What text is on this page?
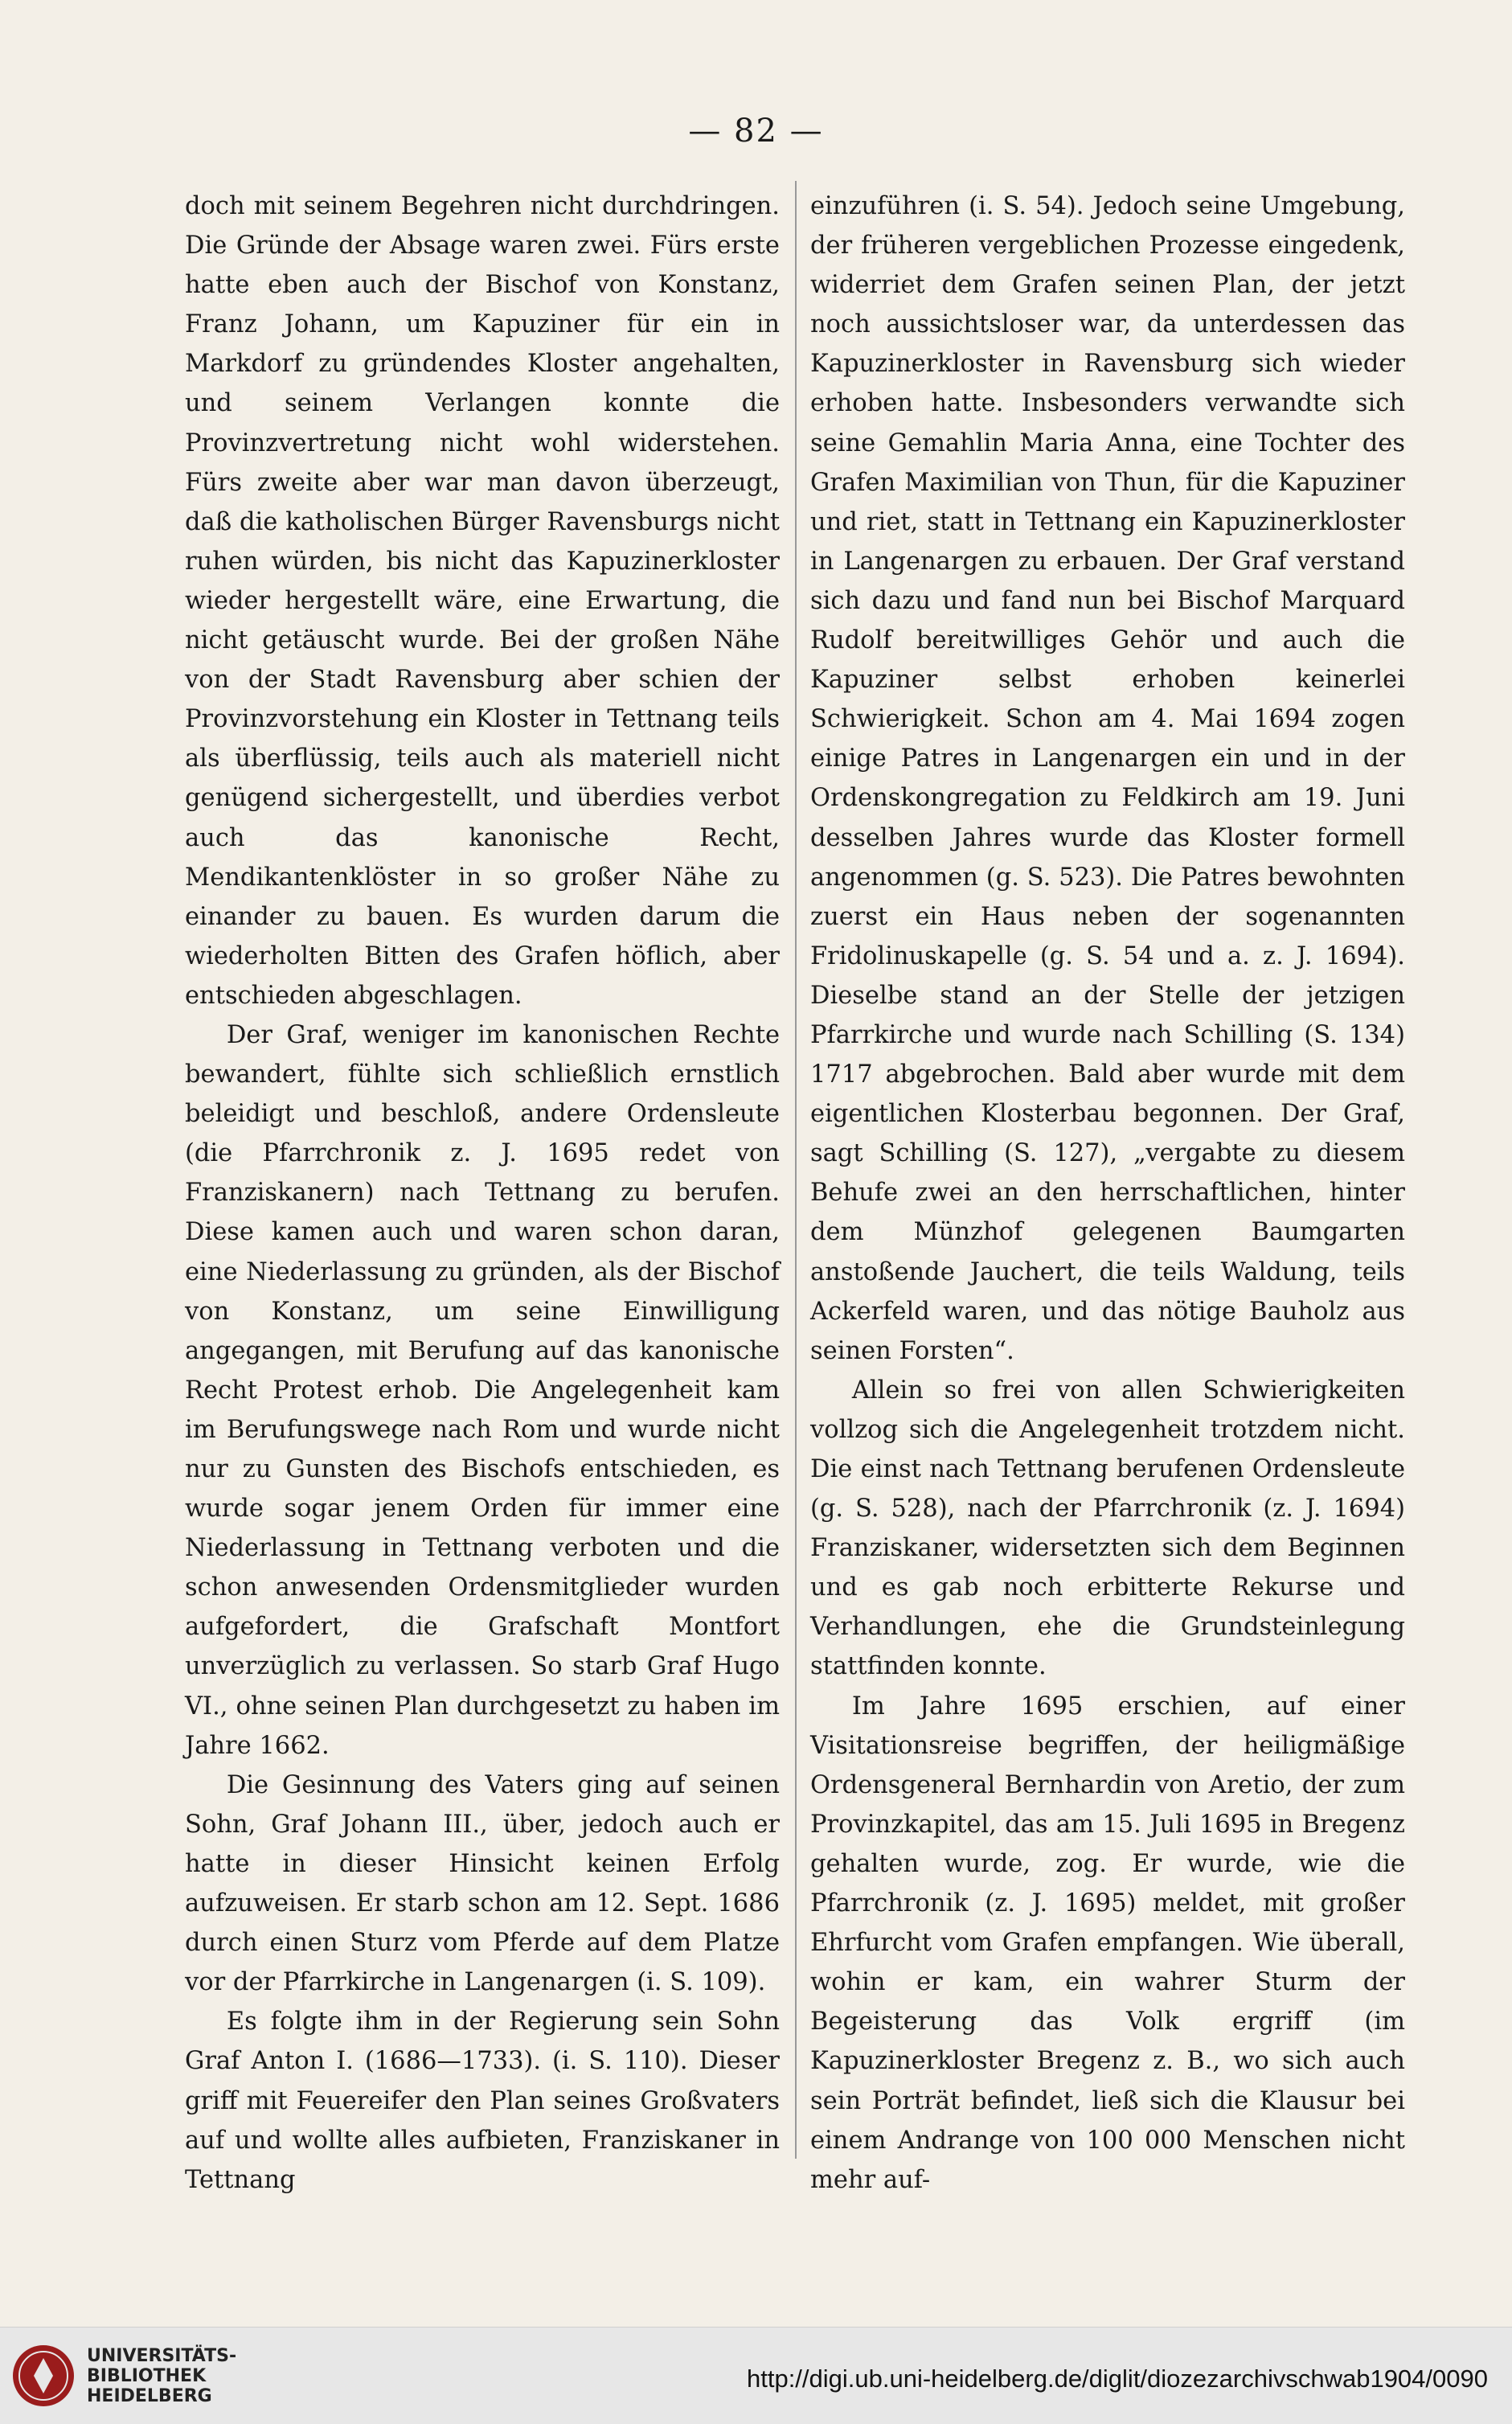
— 82 —

doch mit seinem Begehren nicht durchdringen. Die Gründe der Absage waren zwei. Fürs erste hatte eben auch der Bischof von Konstanz, Franz Johann, um Kapuziner für ein in Markdorf zu gründendes Kloster angehalten, und seinem Verlangen konnte die Provinzvertretung nicht wohl widerstehen. Fürs zweite aber war man davon überzeugt, daß die katholischen Bürger Ravensburgs nicht ruhen würden, bis nicht das Kapuzinerkloster wieder hergestellt wäre, eine Erwartung, die nicht getäuscht wurde. Bei der großen Nähe von der Stadt Ravensburg aber schien der Provinzvorstehung ein Kloster in Tettnang teils als überflüssig, teils auch als materiell nicht genügend sichergestellt, und überdies verbot auch das kanonische Recht, Mendikantenklöster in so großer Nähe zu einander zu bauen. Es wurden darum die wiederholten Bitten des Grafen höflich, aber entschieden abgeschlagen.

Der Graf, weniger im kanonischen Rechte bewandert, fühlte sich schließlich ernstlich beleidigt und beschloß, andere Ordensleute (die Pfarrchronik z. J. 1695 redet von Franziskanern) nach Tettnang zu berufen. Diese kamen auch und waren schon daran, eine Niederlassung zu gründen, als der Bischof von Konstanz, um seine Einwilligung angegangen, mit Berufung auf das kanonische Recht Protest erhob. Die Angelegenheit kam im Berufungswege nach Rom und wurde nicht nur zu Gunsten des Bischofs entschieden, es wurde sogar jenem Orden für immer eine Niederlassung in Tettnang verboten und die schon anwesenden Ordensmitglieder wurden aufgefordert, die Grafschaft Montfort unverzüglich zu verlassen. So starb Graf Hugo VI., ohne seinen Plan durchgesetzt zu haben im Jahre 1662.

Die Gesinnung des Vaters ging auf seinen Sohn, Graf Johann III., über, jedoch auch er hatte in dieser Hinsicht keinen Erfolg aufzuweisen. Er starb schon am 12. Sept. 1686 durch einen Sturz vom Pferde auf dem Platze vor der Pfarrkirche in Langenargen (i. S. 109).

Es folgte ihm in der Regierung sein Sohn Graf Anton I. (1686—1733). (i. S. 110). Dieser griff mit Feuereifer den Plan seines Großvaters auf und wollte alles aufbieten, Franziskaner in Tettnang

einzuführen (i. S. 54). Jedoch seine Umgebung, der früheren vergeblichen Prozesse eingedenk, widerriet dem Grafen seinen Plan, der jetzt noch aussichtsloser war, da unterdessen das Kapuzinerkloster in Ravensburg sich wieder erhoben hatte. Insbesonders verwandte sich seine Gemahlin Maria Anna, eine Tochter des Grafen Maximilian von Thun, für die Kapuziner und riet, statt in Tettnang ein Kapuzinerkloster in Langenargen zu erbauen. Der Graf verstand sich dazu und fand nun bei Bischof Marquard Rudolf bereitwilliges Gehör und auch die Kapuziner selbst erhoben keinerlei Schwierigkeit. Schon am 4. Mai 1694 zogen einige Patres in Langenargen ein und in der Ordenskongregation zu Feldkirch am 19. Juni desselben Jahres wurde das Kloster formell angenommen (g. S. 523). Die Patres bewohnten zuerst ein Haus neben der sogenannten Fridolinuskapelle (g. S. 54 und a. z. J. 1694). Dieselbe stand an der Stelle der jetzigen Pfarrkirche und wurde nach Schilling (S. 134) 1717 abgebrochen. Bald aber wurde mit dem eigentlichen Klosterbau begonnen. Der Graf, sagt Schilling (S. 127), „vergabte zu diesem Behufe zwei an den herrschaftlichen, hinter dem Münzhof gelegenen Baumgarten anstoßende Jauchert, die teils Waldung, teils Ackerfeld waren, und das nötige Bauholz aus seinen Forsten“.

Allein so frei von allen Schwierigkeiten vollzog sich die Angelegenheit trotzdem nicht. Die einst nach Tettnang berufenen Ordensleute (g. S. 528), nach der Pfarrchronik (z. J. 1694) Franziskaner, widersetzten sich dem Beginnen und es gab noch erbitterte Rekurse und Verhandlungen, ehe die Grundsteinlegung stattfinden konnte.

Im Jahre 1695 erschien, auf einer Visitationsreise begriffen, der heiligmäßige Ordensgeneral Bernhardin von Aretio, der zum Provinzkapitel, das am 15. Juli 1695 in Bregenz gehalten wurde, zog. Er wurde, wie die Pfarrchronik (z. J. 1695) meldet, mit großer Ehrfurcht vom Grafen empfangen. Wie überall, wohin er kam, ein wahrer Sturm der Begeisterung das Volk ergriff (im Kapuzinerkloster Bregenz z. B., wo sich auch sein Porträt befindet, ließ sich die Klausur bei einem Andrange von 100 000 Menschen nicht mehr auf-

UNIVERSITÄTS-
BIBLIOTHEK
HEIDELBERG
http://digi.ub.uni-heidelberg.de/diglit/diozezarchivschwab1904/0090
